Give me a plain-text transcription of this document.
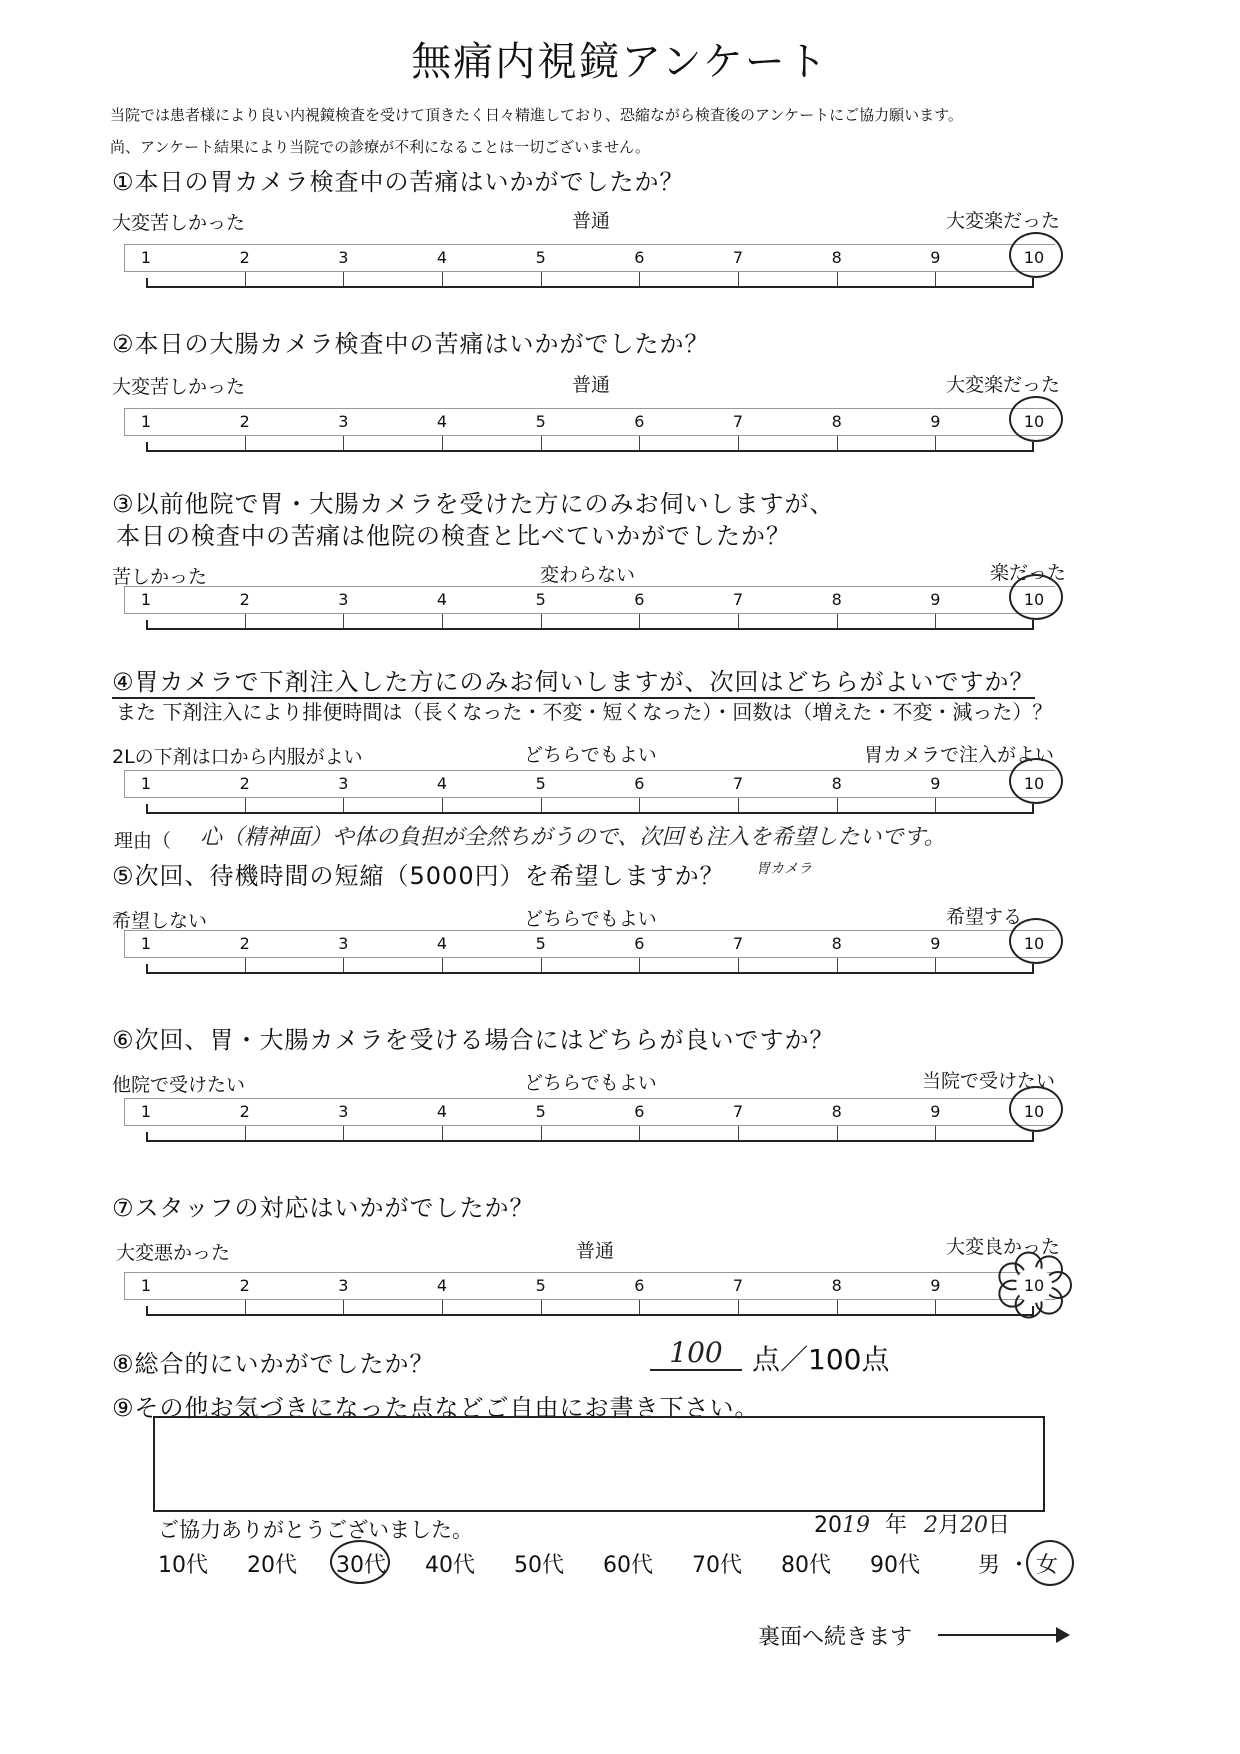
無痛内視鏡アンケート
当院では患者様により良い内視鏡検査を受けて頂きたく日々精進しており、恐縮ながら検査後のアンケートにご協力願います。
尚、アンケート結果により当院での診療が不利になることは一切ございません。
①本日の胃カメラ検査中の苦痛はいかがでしたか？
大変苦しかった	普通	大変楽だった
1	2	3	4	5	6	7	8	9	10
②本日の大腸カメラ検査中の苦痛はいかがでしたか？
大変苦しかった	普通	大変楽だった
1	2	3	4	5	6	7	8	9	10
③以前他院で胃・大腸カメラを受けた方にのみお伺いしますが、
本日の検査中の苦痛は他院の検査と比べていかがでしたか？
苦しかった	変わらない	楽だった
1	2	3	4	5	6	7	8	9	10
④胃カメラで下剤注入した方にのみお伺いしますが、次回はどちらがよいですか？
また 下剤注入により排便時間は（長くなった・不変・短くなった）・回数は（増えた・不変・減った）？
2Lの下剤は口から内服がよい	どちらでもよい	胃カメラで注入がよい
1	2	3	4	5	6	7	8	9	10
理由（ 心（精神面）や体の負担が全然ちがうので、次回も注入を希望したいです。
胃カメラ
⑤次回、待機時間の短縮（5000円）を希望しますか？
希望しない	どちらでもよい	希望する
1	2	3	4	5	6	7	8	9	10
⑥次回、胃・大腸カメラを受ける場合にはどちらが良いですか？
他院で受けたい	どちらでもよい	当院で受けたい
1	2	3	4	5	6	7	8	9	10
⑦スタッフの対応はいかがでしたか？
大変悪かった	普通	大変良かった
1	2	3	4	5	6	7	8	9	10
⑧総合的にいかがでしたか？	100	点／100点
⑨その他お気づきになった点などご自由にお書き下さい。
ご協力ありがとうございました。	2019 年 2月20日
10代 20代 30代 40代 50代 60代 70代 80代 90代	男 ・ 女
裏面へ続きます
